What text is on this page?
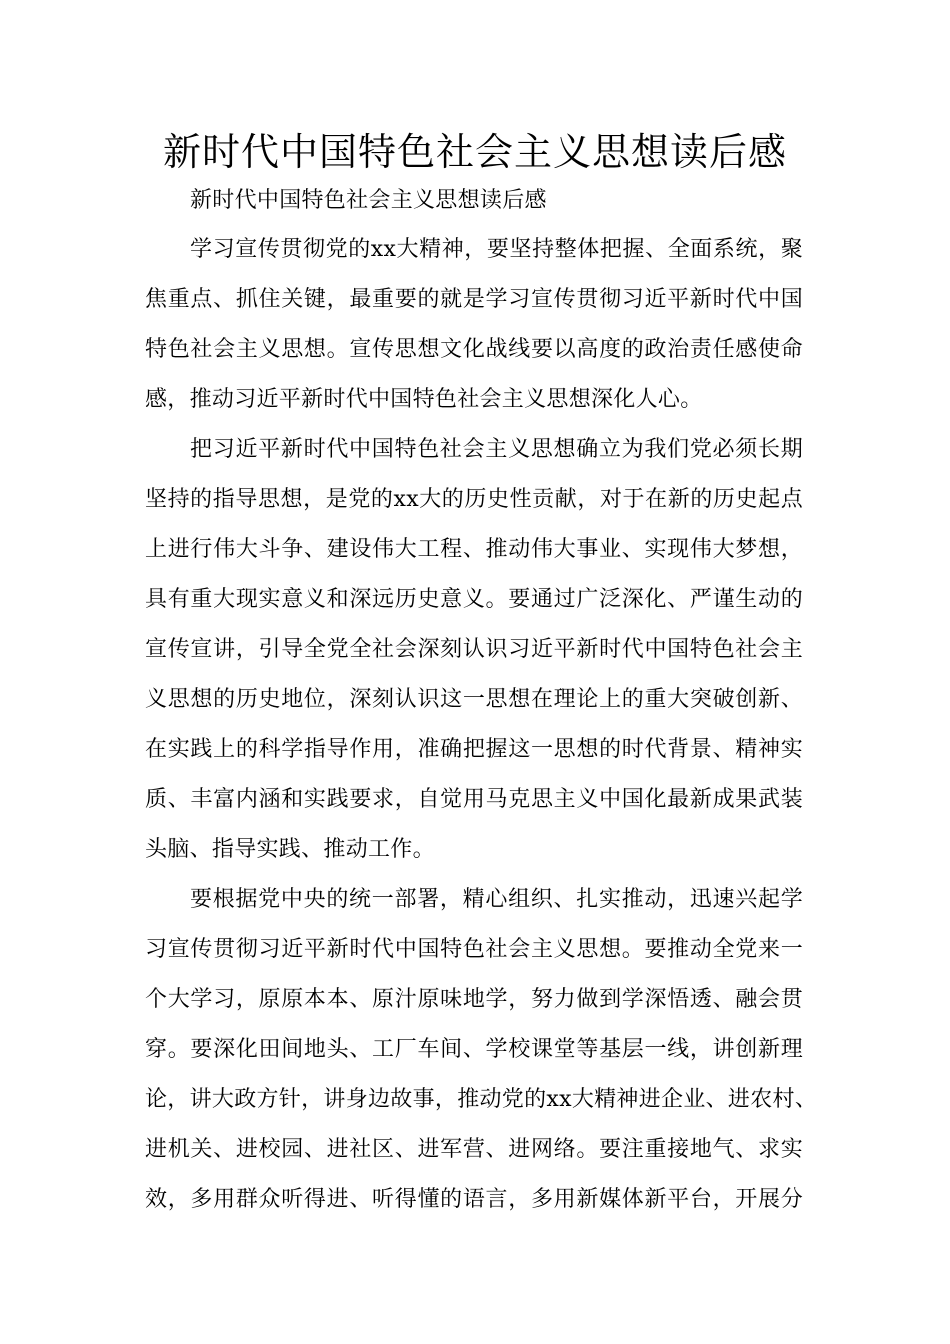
新时代中国特色社会主义思想读后感
新时代中国特色社会主义思想读后感
学习宣传贯彻党的xx大精神，要坚持整体把握、全面系统，聚
焦重点、抓住关键，最重要的就是学习宣传贯彻习近平新时代中国
特色社会主义思想。宣传思想文化战线要以高度的政治责任感使命
感，推动习近平新时代中国特色社会主义思想深化人心。
把习近平新时代中国特色社会主义思想确立为我们党必须长期
坚持的指导思想，是党的xx大的历史性贡献，对于在新的历史起点
上进行伟大斗争、建设伟大工程、推动伟大事业、实现伟大梦想，
具有重大现实意义和深远历史意义。要通过广泛深化、严谨生动的
宣传宣讲，引导全党全社会深刻认识习近平新时代中国特色社会主
义思想的历史地位，深刻认识这一思想在理论上的重大突破创新、
在实践上的科学指导作用，准确把握这一思想的时代背景、精神实
质、丰富内涵和实践要求，自觉用马克思主义中国化最新成果武装
头脑、指导实践、推动工作。
要根据党中央的统一部署，精心组织、扎实推动，迅速兴起学
习宣传贯彻习近平新时代中国特色社会主义思想。要推动全党来一
个大学习，原原本本、原汁原味地学，努力做到学深悟透、融会贯
穿。要深化田间地头、工厂车间、学校课堂等基层一线，讲创新理
论，讲大政方针，讲身边故事，推动党的xx大精神进企业、进农村、
进机关、进校园、进社区、进军营、进网络。要注重接地气、求实
效，多用群众听得进、听得懂的语言，多用新媒体新平台，开展分
